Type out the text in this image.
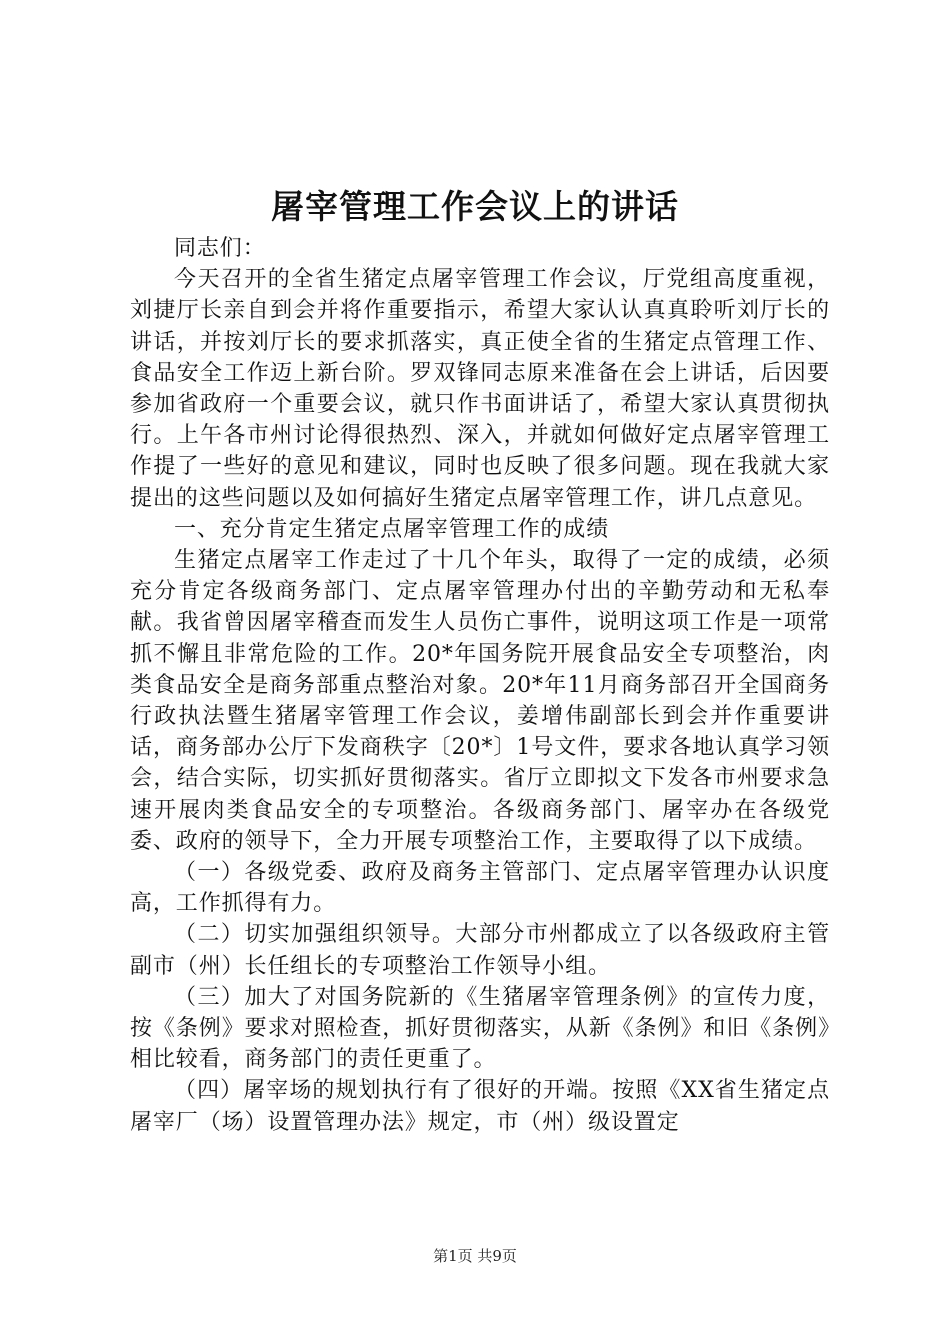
屠宰管理工作会议上的讲话

同志们：

今天召开的全省生猪定点屠宰管理工作会议，厅党组高度重视，刘捷厅长亲自到会并将作重要指示，希望大家认认真真聆听刘厅长的讲话，并按刘厅长的要求抓落实，真正使全省的生猪定点管理工作、食品安全工作迈上新台阶。罗双锋同志原来准备在会上讲话，后因要参加省政府一个重要会议，就只作书面讲话了，希望大家认真贯彻执行。上午各市州讨论得很热烈、深入，并就如何做好定点屠宰管理工作提了一些好的意见和建议，同时也反映了很多问题。现在我就大家提出的这些问题以及如何搞好生猪定点屠宰管理工作，讲几点意见。

一、充分肯定生猪定点屠宰管理工作的成绩

生猪定点屠宰工作走过了十几个年头，取得了一定的成绩，必须充分肯定各级商务部门、定点屠宰管理办付出的辛勤劳动和无私奉献。我省曾因屠宰稽查而发生人员伤亡事件，说明这项工作是一项常抓不懈且非常危险的工作。20*年国务院开展食品安全专项整治，肉类食品安全是商务部重点整治对象。20*年11月商务部召开全国商务行政执法暨生猪屠宰管理工作会议，姜增伟副部长到会并作重要讲话，商务部办公厅下发商秩字〔20*〕1号文件，要求各地认真学习领会，结合实际，切实抓好贯彻落实。省厅立即拟文下发各市州要求急速开展肉类食品安全的专项整治。各级商务部门、屠宰办在各级党委、政府的领导下，全力开展专项整治工作，主要取得了以下成绩。

（一）各级党委、政府及商务主管部门、定点屠宰管理办认识度高，工作抓得有力。

（二）切实加强组织领导。大部分市州都成立了以各级政府主管副市（州）长任组长的专项整治工作领导小组。

（三）加大了对国务院新的《生猪屠宰管理条例》的宣传力度，按《条例》要求对照检查，抓好贯彻落实，从新《条例》和旧《条例》相比较看，商务部门的责任更重了。

（四）屠宰场的规划执行有了很好的开端。按照《XX省生猪定点屠宰厂（场）设置管理办法》规定，市（州）级设置定

第1页 共9页
